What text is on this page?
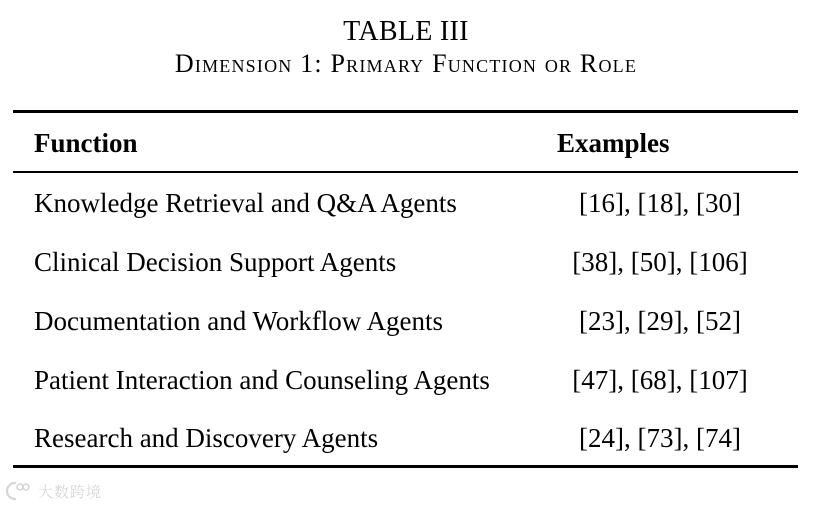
TABLE III
Dimension 1: Primary Function or Role
Function	Examples
Knowledge Retrieval and Q&A Agents	[16], [18], [30]
Clinical Decision Support Agents	[38], [50], [106]
Documentation and Workflow Agents	[23], [29], [52]
Patient Interaction and Counseling Agents	[47], [68], [107]
Research and Discovery Agents	[24], [73], [74]
大数跨境
